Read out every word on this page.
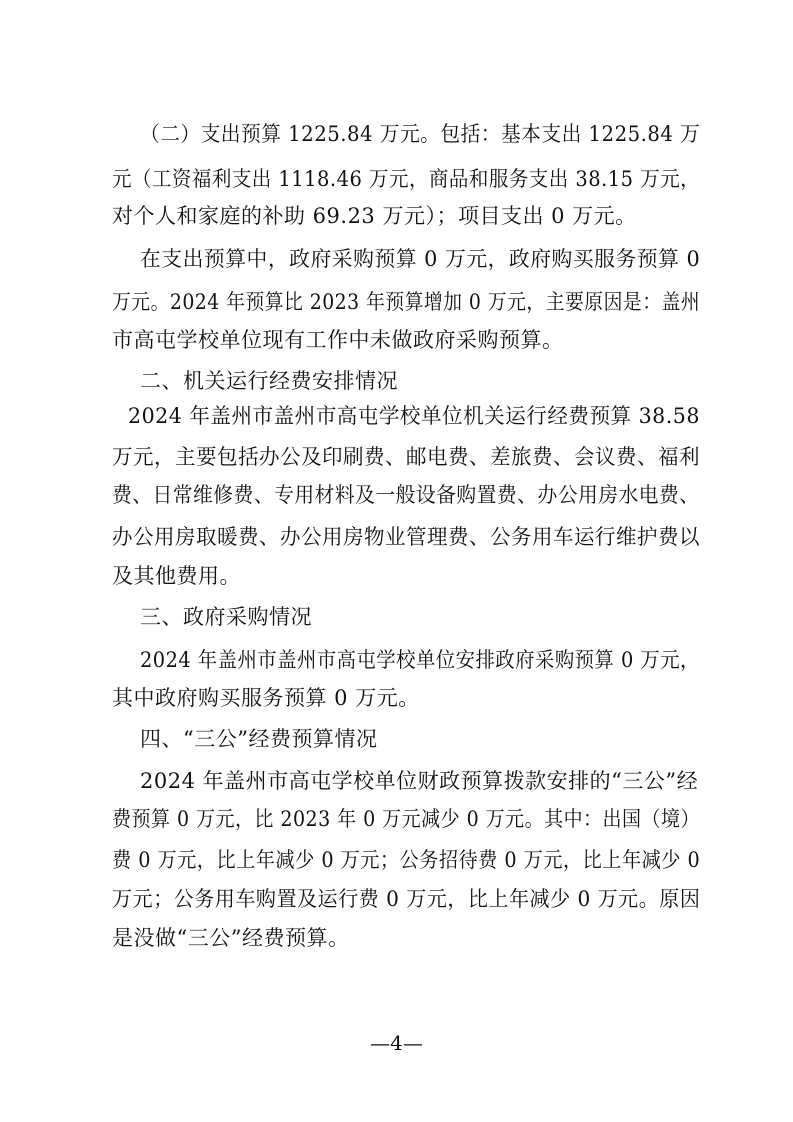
（二）支出预算 1225.84 万元。包括：基本支出 1225.84 万
元（工资福利支出 1118.46 万元，商品和服务支出 38.15 万元，
对个人和家庭的补助 69.23 万元）；项目支出 0 万元。
在支出预算中，政府采购预算 0 万元，政府购买服务预算 0
万元。2024 年预算比 2023 年预算增加 0 万元，主要原因是：盖州
市高屯学校单位现有工作中未做政府采购预算。
二、机关运行经费安排情况
2024 年盖州市盖州市高屯学校单位机关运行经费预算 38.58
万元，主要包括办公及印刷费、邮电费、差旅费、会议费、福利
费、日常维修费、专用材料及一般设备购置费、办公用房水电费、
办公用房取暖费、办公用房物业管理费、公务用车运行维护费以
及其他费用。
三、政府采购情况
2024 年盖州市盖州市高屯学校单位安排政府采购预算 0 万元，
其中政府购买服务预算 0 万元。
四、“三公”经费预算情况
2024 年盖州市高屯学校单位财政预算拨款安排的“三公”经
费预算 0 万元，比 2023 年 0 万元减少 0 万元。其中：出国（境）
费 0 万元，比上年减少 0 万元；公务招待费 0 万元，比上年减少 0
万元；公务用车购置及运行费 0 万元，比上年减少 0 万元。原因
是没做“三公”经费预算。
—4—
